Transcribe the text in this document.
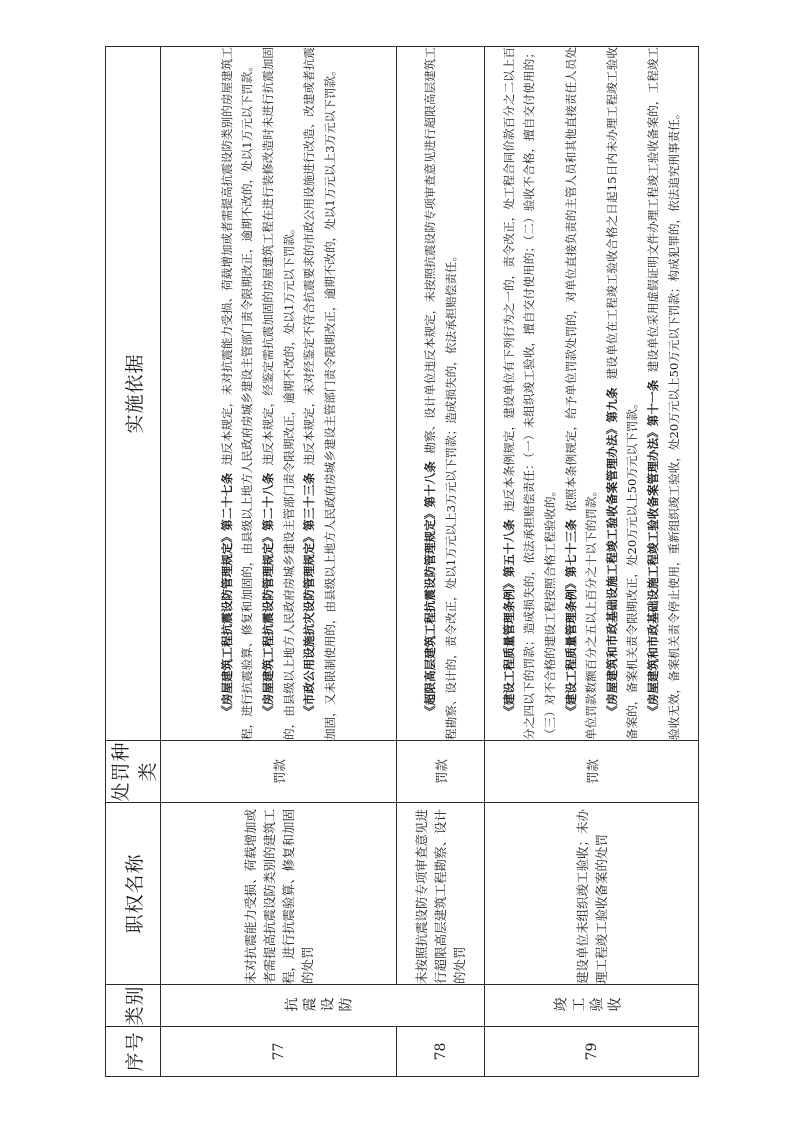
序号	类别	职权名称	处罚种类	实施依据
77	抗震设防	未对抗震能力受损、荷载增加或者需提高抗震设防类别的建筑工程，进行抗震验算、修复和加固的处罚	罚款	《房屋建筑工程抗震设防管理规定》第二十七条  违反本规定，未对抗震能力受损、荷载增加或者需提高抗震设防类别的房屋建筑工程，进行抗震验算、修复和加固的，由县级以上地方人民政府房城乡建设主管部门责令限期改正，逾期不改的，处以1万元以下罚款。 《房屋建筑工程抗震设防管理规定》第二十八条  违反本规定，经鉴定需抗震加固的房屋建筑工程在进行装修改造时未进行抗震加固的，由县级以上地方人民政府房城乡建设主管部门责令限期改正，逾期不改的，处以1万元以下罚款。 《市政公用设施抗灾设防管理规定》第三十三条  违反本规定，未对经鉴定不符合抗震要求的市政公用设施进行改造、改建或者抗震加固，又未限制使用的，由县级以上地方人民政府房城乡建设主管部门责令限期改正，逾期不改的，处以1万元以上3万元以下罚款。

78		未按照抗震设防专项审查意见进行超限高层建筑工程勘察、设计的处罚	罚款	《超限高层建筑工程抗震设防管理规定》第十八条  勘察、设计单位违反本规定，未按照抗震设防专项审查意见进行超限高层建筑工程勘察、设计的，责令改正，处以1万元以上3万元以下罚款；造成损失的，依法承担赔偿责任。

79	竣工验收	建设单位未组织竣工验收；未办理工程竣工验收备案的处罚	罚款	《建设工程质量管理条例》第五十八条  违反本条例规定，建设单位有下列行为之一的，责令改正，处工程合同价款百分之二以上百分之四以下的罚款；造成损失的，依法承担赔偿责任：（一）未组织竣工验收，擅自交付使用的；（二）验收不合格，擅自交付使用的；（三）对不合格的建设工程按照合格工程验收的。 《建设工程质量管理条例》第七十三条  依照本条例规定，给予单位罚款处罚的，对单位直接负责的主管人员和其他直接责任人员处单位罚款数额百分之五以上百分之十以下的罚款。 《房屋建筑和市政基础设施工程竣工验收备案管理办法》第九条  建设单位在工程竣工验收合格之日起15日内未办理工程竣工验收备案的，备案机关责令限期改正，处20万元以上50万元以下罚款。 《房屋建筑和市政基础设施工程竣工验收备案管理办法》第十一条  建设单位采用虚假证明文件办理工程竣工验收备案的，工程竣工验收无效，备案机关责令停止使用，重新组织竣工验收，处20万元以上50万元以下罚款；构成犯罪的，依法追究刑事责任。
